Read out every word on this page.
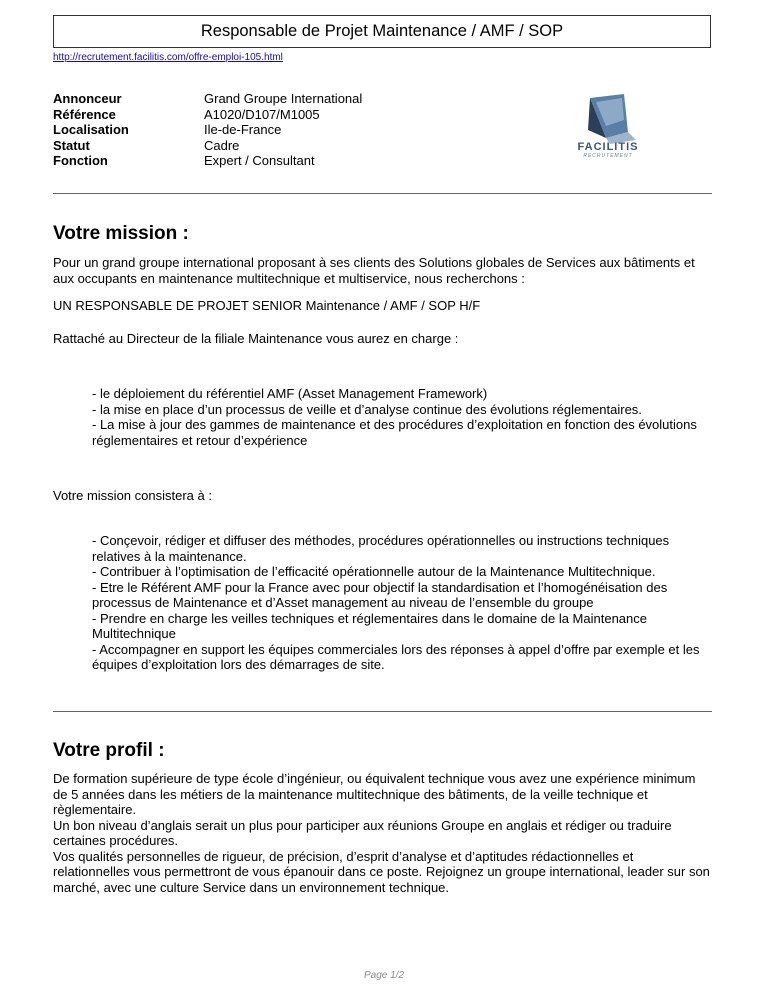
Responsable de Projet Maintenance / AMF / SOP
http://recrutement.facilitis.com/offre-emploi-105.html
Annonceur	Grand Groupe International
Référence	A1020/D107/M1005
Localisation	Ile-de-France
Statut	Cadre
Fonction	Expert / Consultant
FACILITIS
RECRUTEMENT
Votre mission :
Pour un grand groupe international proposant à ses clients des Solutions globales de Services aux bâtiments et
aux occupants en maintenance multitechnique et multiservice, nous recherchons :
UN RESPONSABLE DE PROJET SENIOR Maintenance / AMF / SOP H/F
Rattaché au Directeur de la filiale Maintenance vous aurez en charge :
- le déploiement du référentiel AMF (Asset Management Framework)
- la mise en place d’un processus de veille et d’analyse continue des évolutions réglementaires.
- La mise à jour des gammes de maintenance et des procédures d’exploitation en fonction des évolutions
réglementaires et retour d’expérience
Votre mission consistera à :
- Conçevoir, rédiger et diffuser des méthodes, procédures opérationnelles ou instructions techniques
relatives à la maintenance.
- Contribuer à l’optimisation de l’efficacité opérationnelle autour de la Maintenance Multitechnique.
- Etre le Référent AMF pour la France avec pour objectif la standardisation et l’homogénéisation des
processus de Maintenance et d’Asset management au niveau de l’ensemble du groupe
- Prendre en charge les veilles techniques et réglementaires dans le domaine de la Maintenance
Multitechnique
- Accompagner en support les équipes commerciales lors des réponses à appel d’offre par exemple et les
équipes d’exploitation lors des démarrages de site.
Votre profil :
De formation supérieure de type école d’ingénieur, ou équivalent technique vous avez une expérience minimum
de 5 années dans les métiers de la maintenance multitechnique des bâtiments, de la veille technique et
règlementaire.
Un bon niveau d’anglais serait un plus pour participer aux réunions Groupe en anglais et rédiger ou traduire
certaines procédures.
Vos qualités personnelles de rigueur, de précision, d’esprit d’analyse et d’aptitudes rédactionnelles et
relationnelles vous permettront de vous épanouir dans ce poste. Rejoignez un groupe international, leader sur son
marché, avec une culture Service dans un environnement technique.
Page 1/2
